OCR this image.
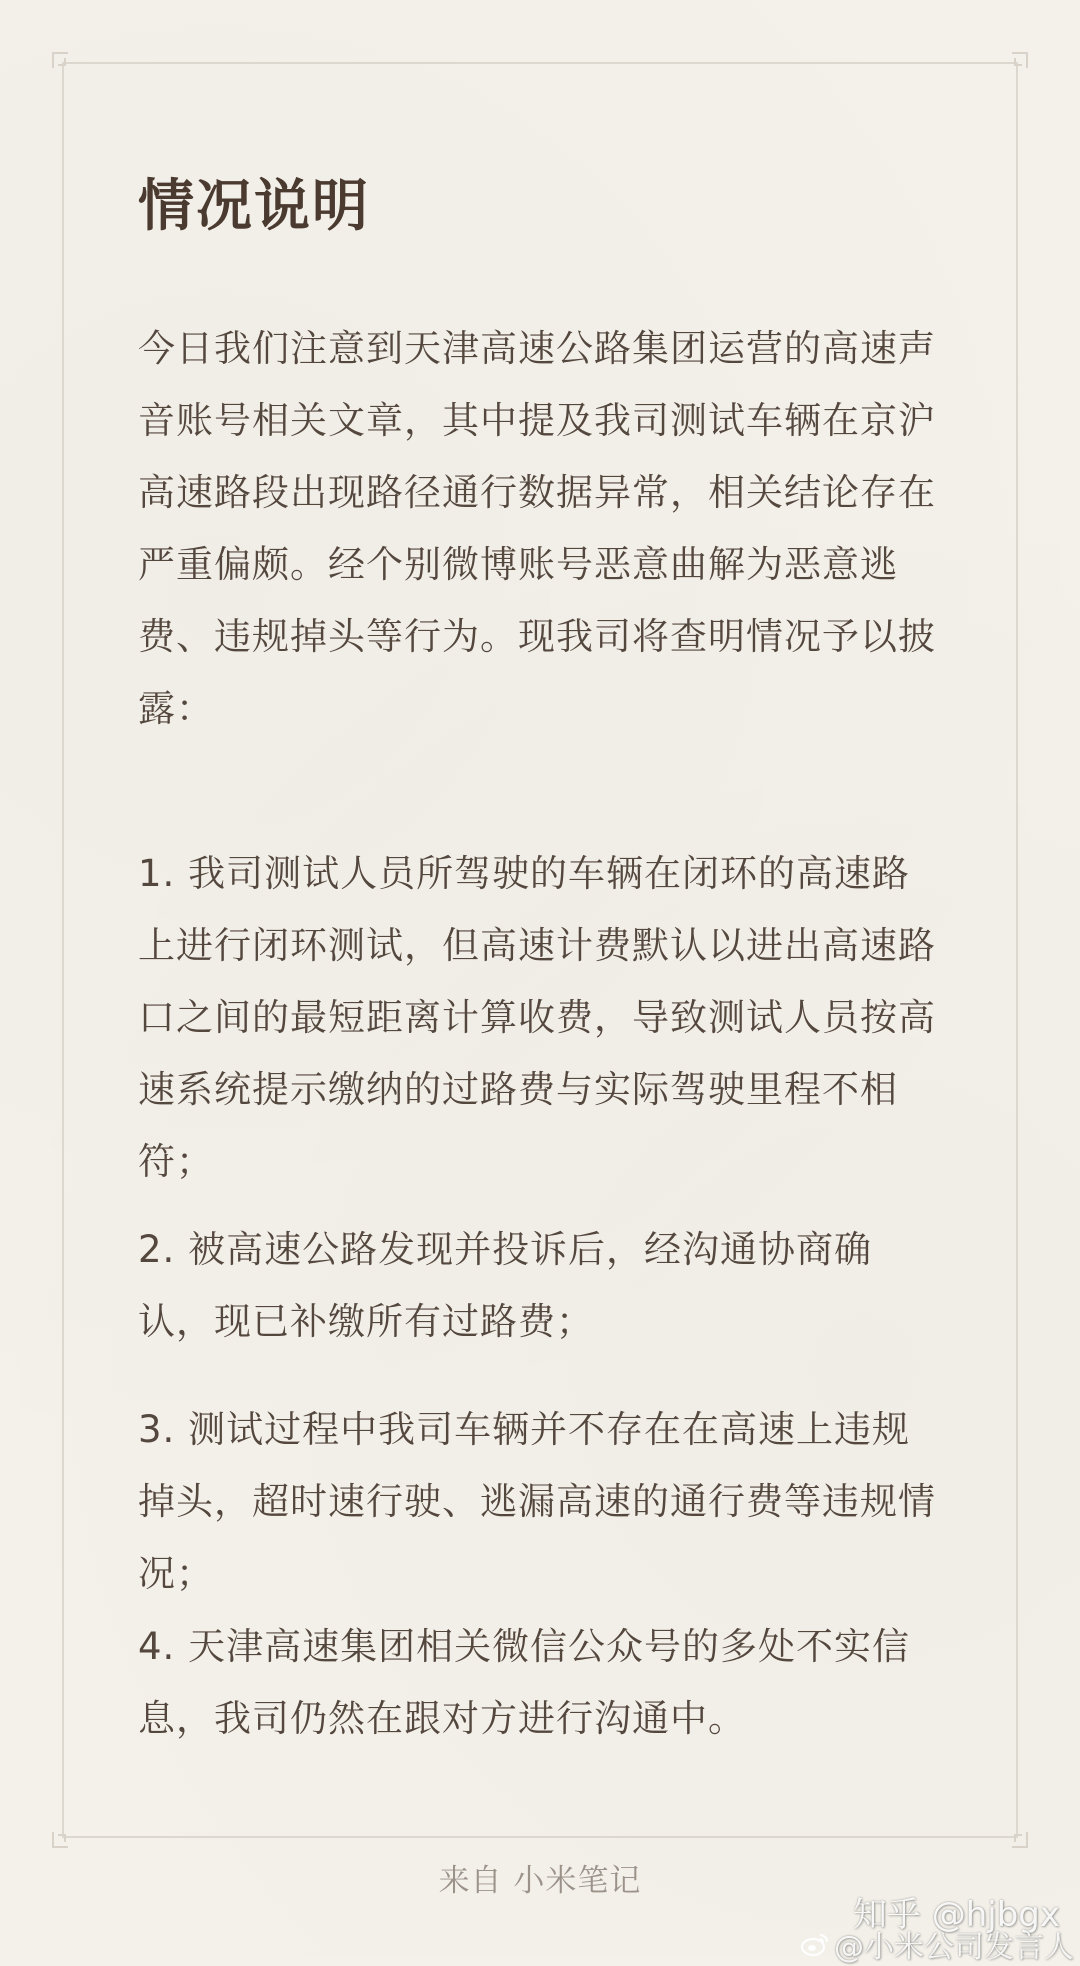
情况说明

今日我们注意到天津高速公路集团运营的高速声音账号相关文章，其中提及我司测试车辆在京沪高速路段出现路径通行数据异常，相关结论存在严重偏颇。经个别微博账号恶意曲解为恶意逃费、违规掉头等行为。现我司将查明情况予以披露：

1. 我司测试人员所驾驶的车辆在闭环的高速路上进行闭环测试，但高速计费默认以进出高速路口之间的最短距离计算收费，导致测试人员按高速系统提示缴纳的过路费与实际驾驶里程不相符；

2. 被高速公路发现并投诉后，经沟通协商确认，现已补缴所有过路费；

3. 测试过程中我司车辆并不存在在高速上违规掉头，超时速行驶、逃漏高速的通行费等违规情况；

4. 天津高速集团相关微信公众号的多处不实信息，我司仍然在跟对方进行沟通中。

来自 小米笔记
知乎 @hjbgx
@小米公司发言人
